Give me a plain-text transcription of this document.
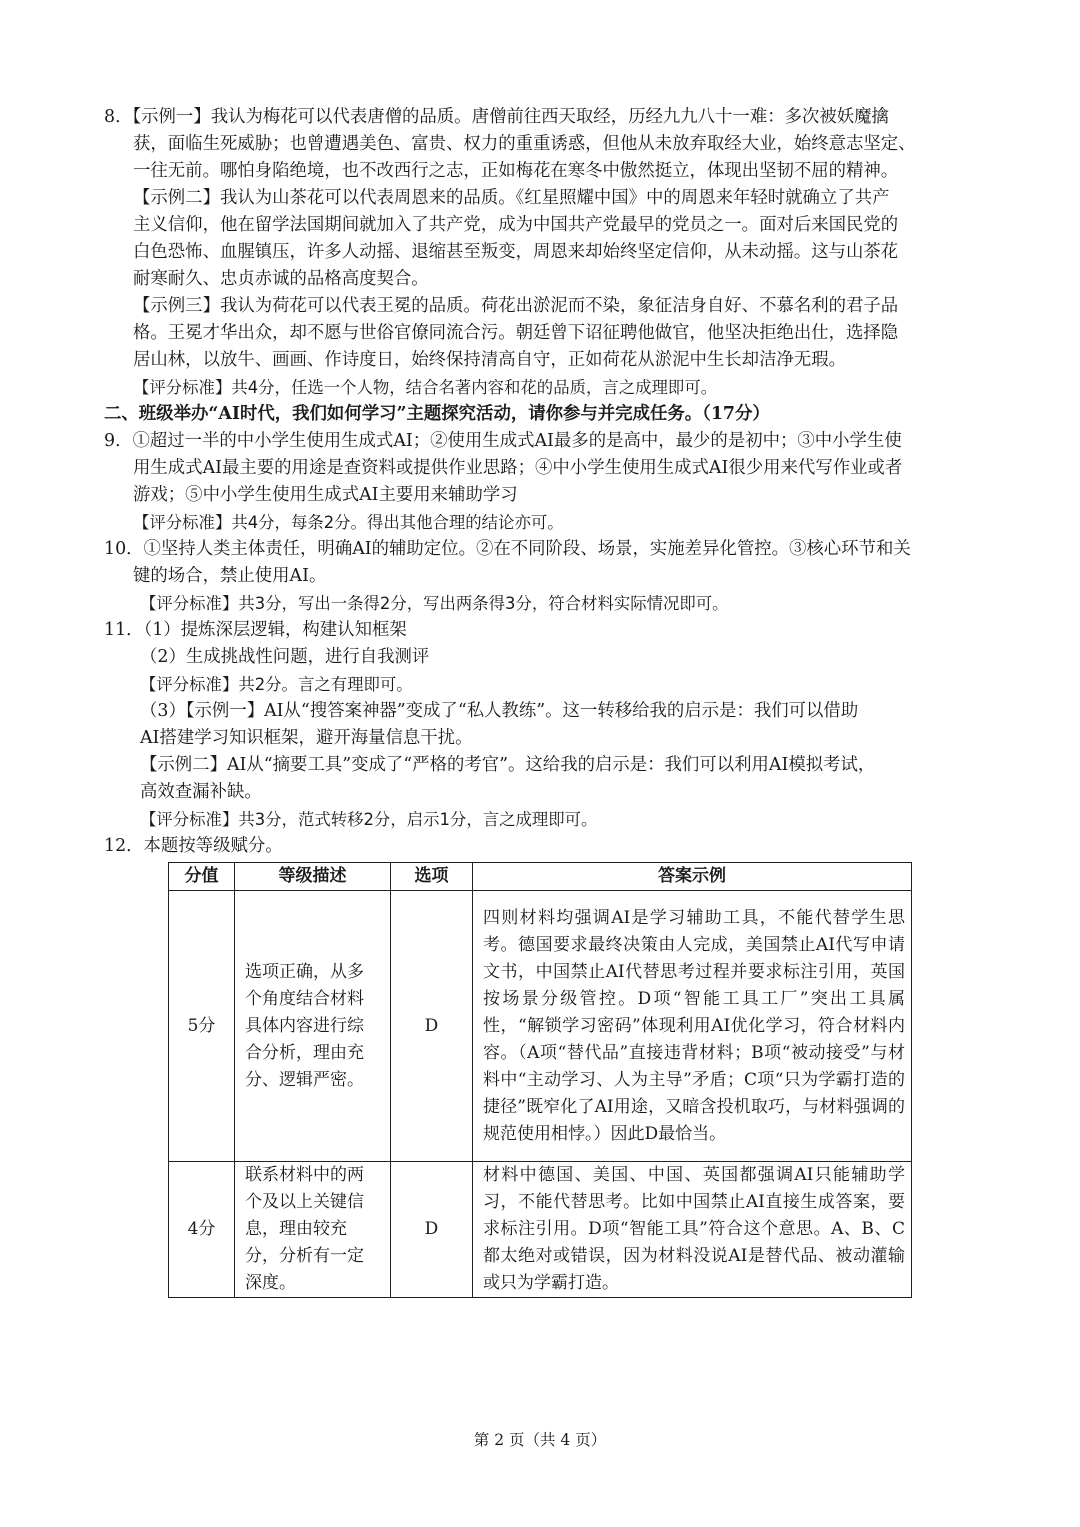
8．【示例一】我认为梅花可以代表唐僧的品质。唐僧前往西天取经，历经九九八十一难：多次被妖魔擒
获，面临生死威胁；也曾遭遇美色、富贵、权力的重重诱惑，但他从未放弃取经大业，始终意志坚定、
一往无前。哪怕身陷绝境，也不改西行之志，正如梅花在寒冬中傲然挺立，体现出坚韧不屈的精神。
【示例二】我认为山茶花可以代表周恩来的品质。《红星照耀中国》中的周恩来年轻时就确立了共产
主义信仰，他在留学法国期间就加入了共产党，成为中国共产党最早的党员之一。面对后来国民党的
白色恐怖、血腥镇压，许多人动摇、退缩甚至叛变，周恩来却始终坚定信仰，从未动摇。这与山茶花
耐寒耐久、忠贞赤诚的品格高度契合。
【示例三】我认为荷花可以代表王冕的品质。荷花出淤泥而不染，象征洁身自好、不慕名利的君子品
格。王冕才华出众，却不愿与世俗官僚同流合污。朝廷曾下诏征聘他做官，他坚决拒绝出仕，选择隐
居山林，以放牛、画画、作诗度日，始终保持清高自守，正如荷花从淤泥中生长却洁净无瑕。
【评分标准】共4分，任选一个人物，结合名著内容和花的品质，言之成理即可。
二、班级举办“AI时代，我们如何学习”主题探究活动，请你参与并完成任务。（17分）
9．①超过一半的中小学生使用生成式AI；②使用生成式AI最多的是高中，最少的是初中；③中小学生使
用生成式AI最主要的用途是查资料或提供作业思路；④中小学生使用生成式AI很少用来代写作业或者
游戏；⑤中小学生使用生成式AI主要用来辅助学习
【评分标准】共4分，每条2分。得出其他合理的结论亦可。
10．①坚持人类主体责任，明确AI的辅助定位。②在不同阶段、场景，实施差异化管控。③核心环节和关
键的场合，禁止使用AI。
【评分标准】共3分，写出一条得2分，写出两条得3分，符合材料实际情况即可。
11．（1）提炼深层逻辑，构建认知框架
（2）生成挑战性问题，进行自我测评
【评分标准】共2分。言之有理即可。
（3）【示例一】AI从“搜答案神器”变成了“私人教练”。这一转移给我的启示是：我们可以借助
AI搭建学习知识框架，避开海量信息干扰。
【示例二】AI从“摘要工具”变成了“严格的考官”。这给我的启示是：我们可以利用AI模拟考试，
高效查漏补缺。
【评分标准】共3分，范式转移2分，启示1分，言之成理即可。
12．本题按等级赋分。
分值	等级描述	选项	答案示例
5分	选项正确，从多个角度结合材料具体内容进行综合分析，理由充分、逻辑严密。	D	四则材料均强调AI是学习辅助工具，不能代替学生思考。德国要求最终决策由人完成，美国禁止AI代写申请文书，中国禁止AI代替思考过程并要求标注引用，英国按场景分级管控。D项“智能工具工厂”突出工具属性，“解锁学习密码”体现利用AI优化学习，符合材料内容。（A项“替代品”直接违背材料；B项“被动接受”与材料中“主动学习、人为主导”矛盾；C项“只为学霸打造的捷径”既窄化了AI用途，又暗含投机取巧，与材料强调的规范使用相悖。）因此D最恰当。
4分	联系材料中的两个及以上关键信息，理由较充分，分析有一定深度。	D	材料中德国、美国、中国、英国都强调AI只能辅助学习，不能代替思考。比如中国禁止AI直接生成答案，要求标注引用。D项“智能工具”符合这个意思。A、B、C都太绝对或错误，因为材料没说AI是替代品、被动灌输或只为学霸打造。
第 2 页（共 4 页）
